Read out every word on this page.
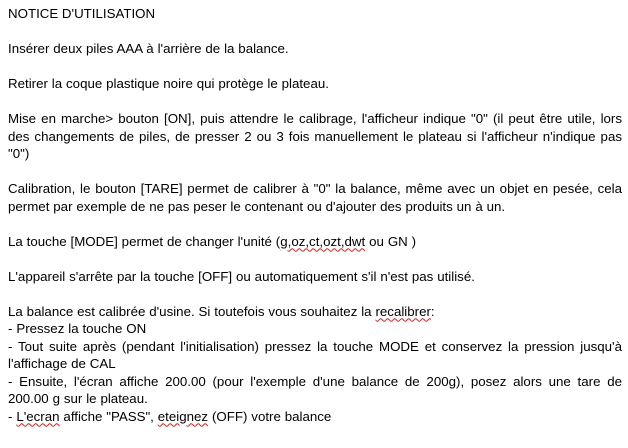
NOTICE D'UTILISATION

Insérer deux piles AAA à l'arrière de la balance.

Retirer la coque plastique noire qui protège le plateau.

Mise en marche> bouton [ON], puis attendre le calibrage, l'afficheur indique "0" (il peut être utile, lors des changements de piles, de presser 2 ou 3 fois manuellement le plateau si l'afficheur n'indique pas "0")

Calibration, le bouton [TARE] permet de calibrer à "0" la balance, même avec un objet en pesée, cela permet par exemple de ne pas peser le contenant ou d'ajouter des produits un à un.

La touche [MODE] permet de changer l'unité (g,oz,ct,ozt,dwt ou GN )

L'appareil s'arrête par la touche [OFF] ou automatiquement s'il n'est pas utilisé.

La balance est calibrée d'usine. Si toutefois vous souhaitez la recalibrer:

- Pressez la touche ON

- Tout suite après (pendant l'initialisation) pressez la touche MODE et conservez la pression jusqu'à l'affichage de CAL

- Ensuite, l'écran affiche 200.00 (pour l'exemple d'une balance de 200g), posez alors une tare de 200.00 g sur le plateau.

- L'ecran affiche "PASS", eteignez (OFF) votre balance
